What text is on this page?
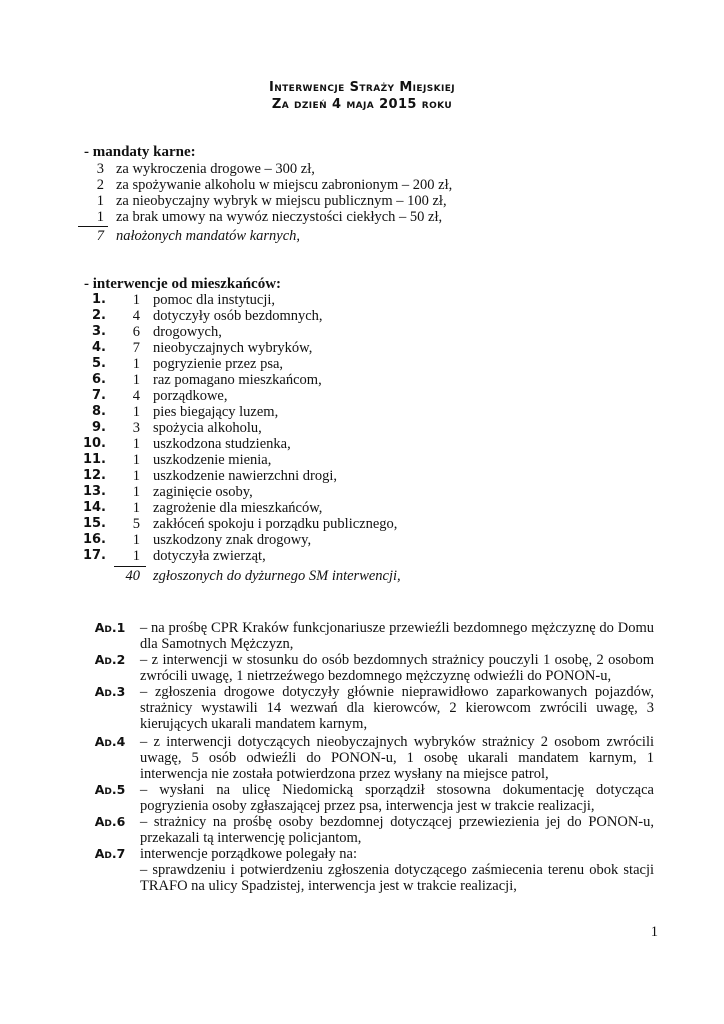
Interwencje Straży Miejskiej
Za dzień 4 maja 2015 roku
- mandaty karne:
3 za wykroczenia drogowe – 300 zł,
2 za spożywanie alkoholu w miejscu zabronionym – 200 zł,
1 za nieobyczajny wybryk w miejscu publicznym – 100 zł,
1 za brak umowy na wywóz nieczystości ciekłych – 50 zł,
7 nałożonych mandatów karnych,
- interwencje od mieszkańców:
1.	1 pomoc dla instytucji,
2.	4 dotyczyły osób bezdomnych,
3.	6 drogowych,
4.	7 nieobyczajnych wybryków,
5.	1 pogryzienie przez psa,
6.	1 raz pomagano mieszkańcom,
7.	4 porządkowe,
8.	1 pies biegający luzem,
9.	3 spożycia alkoholu,
10.	1 uszkodzona studzienka,
11.	1 uszkodzenie mienia,
12.	1 uszkodzenie nawierzchni drogi,
13.	1 zaginięcie osoby,
14.	1 zagrożenie dla mieszkańców,
15.	5 zakłóceń spokoju i porządku publicznego,
16.	1 uszkodzony znak drogowy,
17.	1 dotyczyła zwierząt,
40 zgłoszonych do dyżurnego SM interwencji,
Ad.1	– na prośbę CPR Kraków funkcjonariusze przewieźli bezdomnego mężczyznę do Domu dla Samotnych Mężczyzn,
Ad.2	– z interwencji w stosunku do osób bezdomnych strażnicy pouczyli 1 osobę, 2 osobom zwrócili uwagę, 1 nietrzeźwego bezdomnego mężczyznę odwieźli do PONON-u,
Ad.3	– zgłoszenia drogowe dotyczyły głównie nieprawidłowo zaparkowanych pojazdów, strażnicy wystawili 14 wezwań dla kierowców, 2 kierowcom zwrócili uwagę, 3 kierujących ukarali mandatem karnym,
Ad.4	– z interwencji dotyczących nieobyczajnych wybryków strażnicy 2 osobom zwrócili uwagę, 5 osób odwieźli do PONON-u, 1 osobę ukarali mandatem karnym, 1 interwencja nie została potwierdzona przez wysłany na miejsce patrol,
Ad.5	– wysłani na ulicę Niedomicką sporządził stosowna dokumentację dotycząca pogryzienia osoby zgłaszającej przez psa, interwencja jest w trakcie realizacji,
Ad.6	– strażnicy na prośbę osoby bezdomnej dotyczącej przewiezienia jej do PONON-u, przekazali tą interwencję policjantom,
Ad.7	interwencje porządkowe polegały na:
– sprawdzeniu i potwierdzeniu zgłoszenia dotyczącego zaśmiecenia terenu obok stacji TRAFO na ulicy Spadzistej, interwencja jest w trakcie realizacji,
1
